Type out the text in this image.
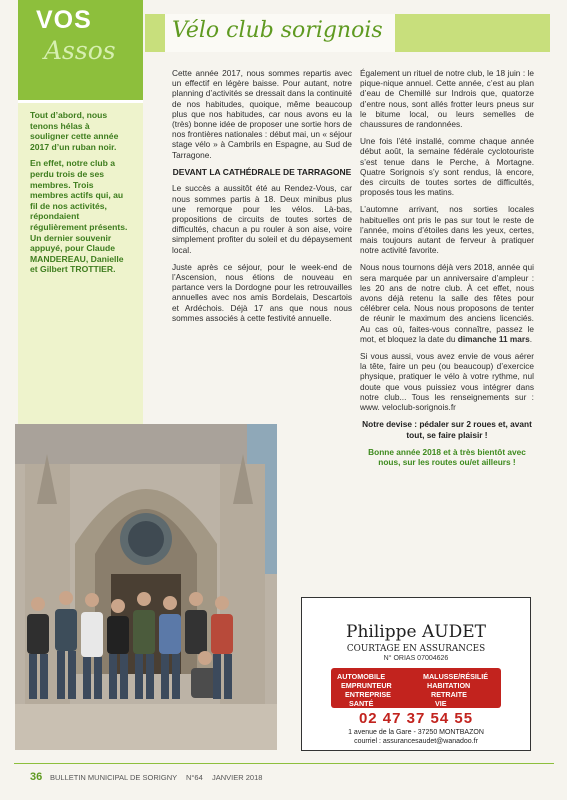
VOS
Assos

Tout d’abord, nous tenons hélas à souligner cette année 2017 d’un ruban noir.

En effet, notre club a perdu trois de ses membres. Trois membres actifs qui, au fil de nos activités, répondaient régulièrement présents. Un dernier souvenir appuyé, pour Claude MANDEREAU, Danielle et Gilbert TROTTIER.

Vélo club sorignois

Cette année 2017, nous sommes repartis avec un effectif en légère baisse. Pour autant, notre planning d’activités se dressait dans la continuité de nos habitudes, quoique, même beaucoup plus que nos habitudes, car nous avons eu la (très) bonne idée de proposer une sortie hors de nos frontières nationales : début mai, un « séjour stage vélo » à Cambrils en Espagne, au Sud de Tarragone.

DEVANT LA CATHÉDRALE DE TARRAGONE

Le succès a aussitôt été au Rendez-Vous, car nous sommes partis à 18. Deux minibus plus une remorque pour les vélos. Là-bas, propositions de circuits de toutes sortes de difficultés, chacun a pu rouler à son aise, voire simplement profiter du soleil et du dépaysement local.

Juste après ce séjour, pour le week-end de l’Ascension, nous étions de nouveau en partance vers la Dordogne pour les retrouvailles annuelles avec nos amis Bordelais, Descartois et Ardéchois. Déjà 17 ans que nous nous sommes associés à cette festivité annuelle.

Également un rituel de notre club, le 18 juin : le pique-nique annuel. Cette année, c’est au plan d’eau de Chemillé sur Indrois que, quatorze d’entre nous, sont allés frotter leurs pneus sur le bitume local, ou leurs semelles de chaussures de randonnées.

Une fois l’été installé, comme chaque année début août, la semaine fédérale cyclotouriste s’est tenue dans le Perche, à Mortagne. Quatre Sorignois s’y sont rendus, là encore, des circuits de toutes sortes de difficultés, proposés tous les matins.

L’automne arrivant, nos sorties locales habituelles ont pris le pas sur tout le reste de l’année, moins d’étoiles dans les yeux, certes, mais toujours autant de ferveur à pratiquer notre activité favorite.

Nous nous tournons déjà vers 2018, année qui sera marquée par un anniversaire d’ampleur : les 20 ans de notre club. À cet effet, nous avons déjà retenu la salle des fêtes pour célébrer cela. Nous nous proposons de tenter de réunir le maximum des anciens licenciés. Au cas où, faites-vous connaître, passez le mot, et bloquez la date du dimanche 11 mars.

Si vous aussi, vous avez envie de vous aérer la tête, faire un peu (ou beaucoup) d’exercice physique, pratiquer le vélo à votre rythme, nul doute que vous puissiez vous intégrer dans notre club... Tous les renseignements sur : www. veloclub-sorignois.fr

Notre devise : pédaler sur 2 roues et, avant tout, se faire plaisir !

Bonne année 2018 et à très bientôt avec nous, sur les routes ou/et ailleurs !

Philippe AUDET
COURTAGE EN ASSURANCES
N° ORIAS 07004626
AUTOMOBILE	MALUSSE/RÉSILIÉ
EMPRUNTEUR	HABITATION
ENTREPRISE	RETRAITE
SANTÉ	VIE
02 47 37 54 55
1 avenue de la Gare - 37250 MONTBAZON
courriel : assurancesaudet@wanadoo.fr
36 BULLETIN MUNICIPAL DE SORIGNY N°64 JANVIER 2018
